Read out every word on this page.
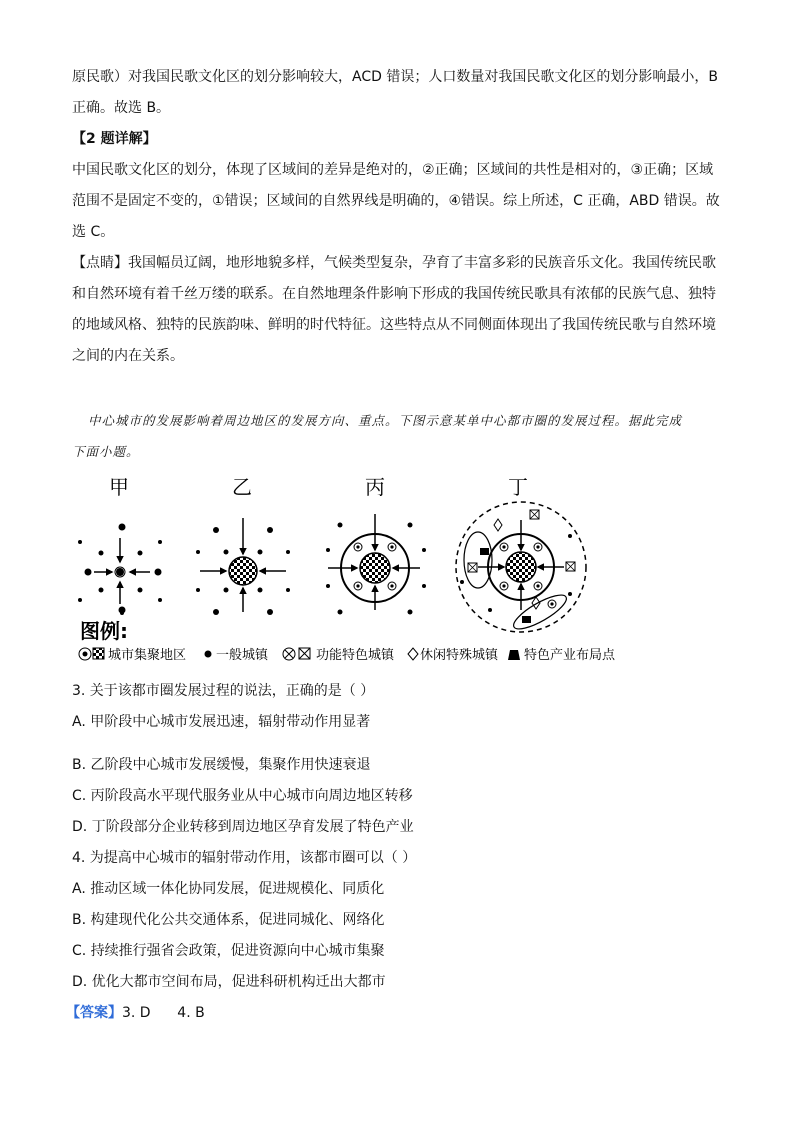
原民歌）对我国民歌文化区的划分影响较大，ACD 错误；人口数量对我国民歌文化区的划分影响最小，B
正确。故选 B。
【2 题详解】
中国民歌文化区的划分，体现了区域间的差异是绝对的，②正确；区域间的共性是相对的，③正确；区域
范围不是固定不变的，①错误；区域间的自然界线是明确的，④错误。综上所述，C 正确，ABD 错误。故
选 C。
【点睛】我国幅员辽阔，地形地貌多样，气候类型复杂，孕育了丰富多彩的民族音乐文化。我国传统民歌
和自然环境有着千丝万缕的联系。在自然地理条件影响下形成的我国传统民歌具有浓郁的民族气息、独特
的地域风格、独特的民族韵味、鲜明的时代特征。这些特点从不同侧面体现出了我国传统民歌与自然环境
之间的内在关系。
中心城市的发展影响着周边地区的发展方向、重点。下图示意某单中心都市圈的发展过程。据此完成
下面小题。
甲	乙	丙	丁
图例:
城市集聚地区 一般城镇	功能特色城镇 休闲特殊城镇 特色产业布局点
3. 关于该都市圈发展过程的说法，正确的是（ ）
A. 甲阶段中心城市发展迅速，辐射带动作用显著
B. 乙阶段中心城市发展缓慢，集聚作用快速衰退
C. 丙阶段高水平现代服务业从中心城市向周边地区转移
D. 丁阶段部分企业转移到周边地区孕育发展了特色产业
4. 为提高中心城市的辐射带动作用，该都市圈可以（ ）
A. 推动区域一体化协同发展，促进规模化、同质化
B. 构建现代化公共交通体系，促进同城化、网络化
C. 持续推行强省会政策，促进资源向中心城市集聚
D. 优化大都市空间布局，促进科研机构迁出大都市
【答案】3. D      4. B
